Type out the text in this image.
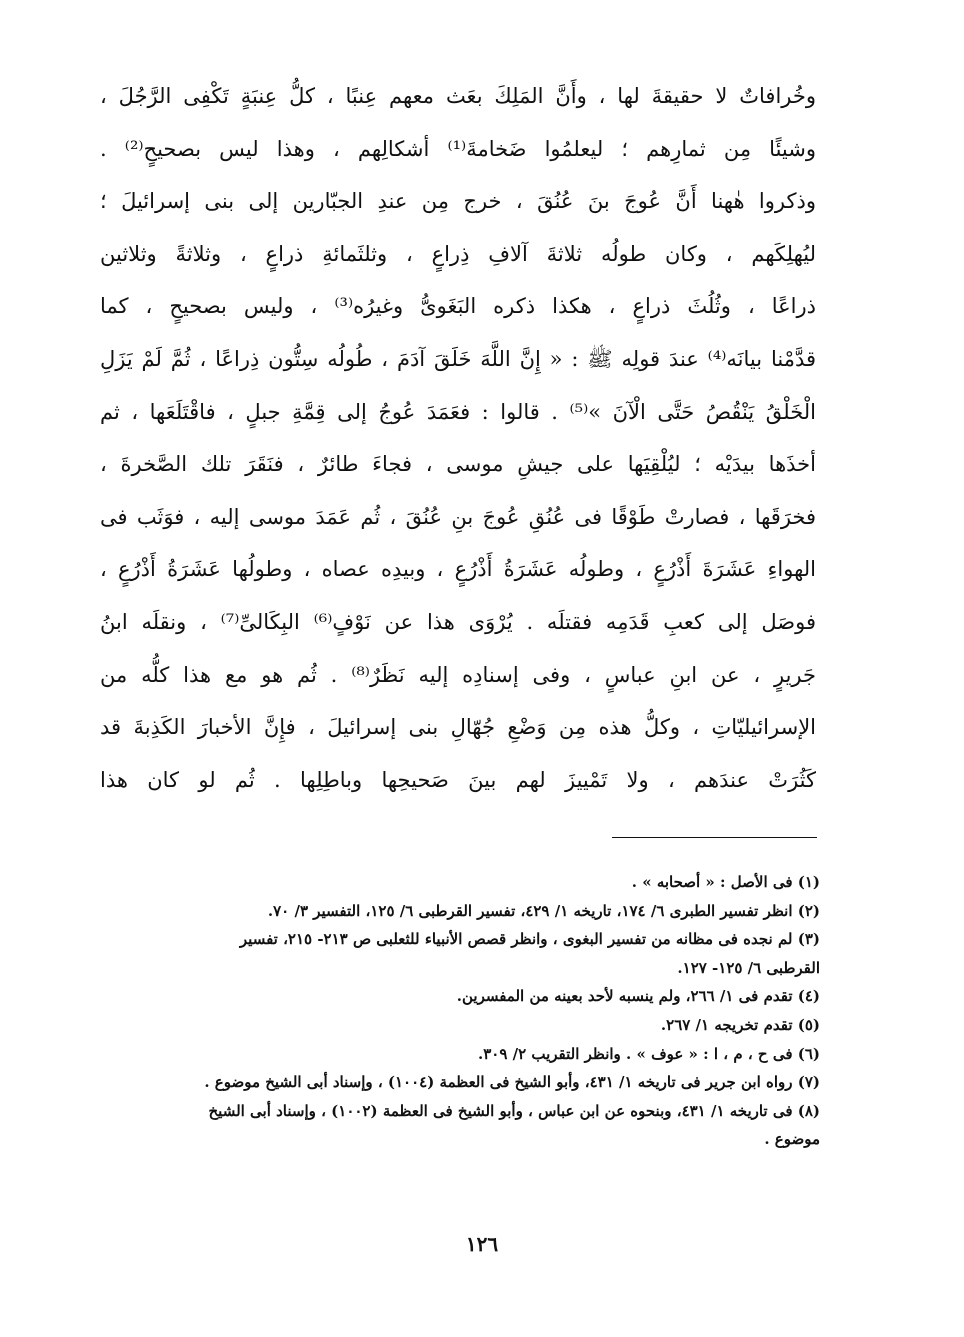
وخُرافاتٌ لا حقيقةَ لها ، وأَنَّ المَلِكَ بعَث معهم عِنبًا ، كلُّ عِنبَةٍ تَكْفِى الرَّجُلَ ،
وشيئًا مِن ثمارِهم ؛ ليعلمُوا ضَخامةَ⁽¹⁾ أشكالِهم ، وهذا ليس بصحيحٍ⁽²⁾ .
وذكروا هٰهنا أَنَّ عُوجَ بنَ عُنُقَ ، خرج مِن عندِ الجبّارين إلى بنى إسرائيلَ ؛
ليُهلِكَهم ، وكان طولُه ثلاثةَ آلافِ ذِراعٍ ، وثلثَمائةِ ذراعٍ ، وثلاثةً وثلاثين
ذراعًا ، وثُلُثَ ذراعٍ ، هكذا ذكره البَغَوىُّ وغيرُه⁽³⁾ ، وليس بصحيحٍ ، كما
قدَّمْنا بيانَه⁽⁴⁾ عندَ قولِه ﷺ : « إِنَّ اللَّهَ خَلَقَ آدَمَ ، طُولُه سِتُّون ذِراعًا ، ثُمَّ لَمْ يَزَلِ
الْخَلْقُ يَنْقُصُ حَتَّى الْآنَ »⁽⁵⁾ . قالوا : فعَمَدَ عُوجُ إلى قِمَّةِ جبلٍ ، فاقْتَلَعَها ، ثم
أخذَها بيدَيْه ؛ ليُلْقِيَها على جيشِ موسى ، فجاءَ طائرٌ ، فنَقَرَ تلك الصَّخرةَ ،
فخرَقَها ، فصارتْ طَوْقًا فى عُنُقِ عُوجَ بنِ عُنُقَ ، ثُم عَمَدَ موسى إليه ، فوَثَب فى
الهواءِ عَشَرَةَ أَذْرُعٍ ، وطولُه عَشَرَةُ أَذْرُعٍ ، وبيدِه عصاه ، وطولُها عَشَرَةُ أَذْرُعٍ ،
فوصَل إلى كعبِ قَدَمِه فقتلَه . يُرْوَى هذا عن نَوْفٍ⁽⁶⁾ البِكَالىِّ⁽⁷⁾ ، ونقلَه ابنُ
جَريرٍ ، عن ابنِ عباسٍ ، وفى إسنادِه إليه نَظَرٌ⁽⁸⁾ . ثُم هو مع هذا كلُّه من
الإسرائيليّاتِ ، وكلُّ هذه مِن وَضْعِ جُهّالِ بنى إسرائيلَ ، فإِنَّ الأخبارَ الكَذِبةَ قد
كَثُرَتْ عندَهم ، ولا تَمْييزَ لهم بينَ صَحيحِها وباطِلِها . ثُم لو كان هذا
(١) فى الأصل : « أصحابه » .
(٢) انظر تفسير الطبرى ٦/ ١٧٤، تاريخه ١/ ٤٢٩، تفسير القرطبى ٦/ ١٢٥، التفسير ٣/ ٧٠.
(٣) لم نجده فى مظانه من تفسير البغوى ، وانظر قصص الأنبياء للثعلبى ص ٢١٣- ٢١٥، تفسير
القرطبى ٦/ ١٢٥- ١٢٧.
(٤) تقدم فى ١/ ٢٦٦، ولم ينسبه لأحد بعينه من المفسرين.
(٥) تقدم تخريجه ١/ ٢٦٧.
(٦) فى ح ، م ، ا : « عوف » . وانظر التقريب ٢/ ٣٠٩.
(٧) رواه ابن جرير فى تاريخه ١/ ٤٣١، وأبو الشيخ فى العظمة (١٠٠٤) ، وإسناد أبى الشيخ موضوع .
(٨) فى تاريخه ١/ ٤٣١، وبنحوه عن ابن عباس ، وأبو الشيخ فى العظمة (١٠٠٢) ، وإسناد أبى الشيخ
موضوع .
١٢٦
